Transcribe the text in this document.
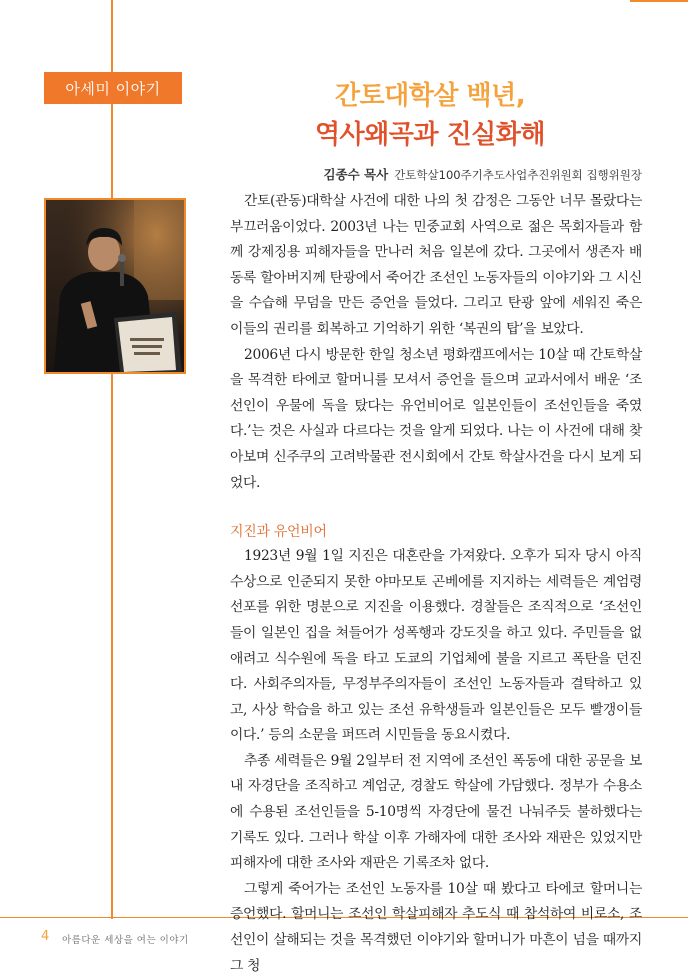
아세미 이야기	간토대학살 백년,
역사왜곡과 진실화해
김종수 목사 간토학살100주기추도사업추진위원회 집행위원장

간토(관동)대학살 사건에 대한 나의 첫 감정은 그동안 너무 몰랐다는 부끄러움이었다. 2003년 나는 민중교회 사역으로 젊은 목회자들과 함께 강제징용 피해자들을 만나러 처음 일본에 갔다. 그곳에서 생존자 배동록 할아버지께 탄광에서 죽어간 조선인 노동자들의 이야기와 그 시신을 수습해 무덤을 만든 증언을 들었다. 그리고 탄광 앞에 세워진 죽은 이들의 권리를 회복하고 기억하기 위한 ‘복권의 탑’을 보았다.

2006년 다시 방문한 한일 청소년 평화캠프에서는 10살 때 간토학살을 목격한 타에코 할머니를 모셔서 증언을 들으며 교과서에서 배운 ‘조선인이 우물에 독을 탔다는 유언비어로 일본인들이 조선인들을 죽였다.’는 것은 사실과 다르다는 것을 알게 되었다. 나는 이 사건에 대해 찾아보며 신주쿠의 고려박물관 전시회에서 간토 학살사건을 다시 보게 되었다.

지진과 유언비어

1923년 9월 1일 지진은 대혼란을 가져왔다. 오후가 되자 당시 아직 수상으로 인준되지 못한 야마모토 곤베에를 지지하는 세력들은 계엄령 선포를 위한 명분으로 지진을 이용했다. 경찰들은 조직적으로 ‘조선인들이 일본인 집을 쳐들어가 성폭행과 강도짓을 하고 있다. 주민들을 없애려고 식수원에 독을 타고 도쿄의 기업체에 불을 지르고 폭탄을 던진다. 사회주의자들, 무정부주의자들이 조선인 노동자들과 결탁하고 있고, 사상 학습을 하고 있는 조선 유학생들과 일본인들은 모두 빨갱이들이다.’ 등의 소문을 퍼뜨려 시민들을 동요시켰다.

추종 세력들은 9월 2일부터 전 지역에 조선인 폭동에 대한 공문을 보내 자경단을 조직하고 계엄군, 경찰도 학살에 가담했다. 정부가 수용소에 수용된 조선인들을 5-10명씩 자경단에 물건 나눠주듯 불하했다는 기록도 있다. 그러나 학살 이후 가해자에 대한 조사와 재판은 있었지만 피해자에 대한 조사와 재판은 기록조차 없다.

그렇게 죽어가는 조선인 노동자를 10살 때 봤다고 타에코 할머니는 증언했다. 할머니는 조선인 학살피해자 추도식 때 참석하여 비로소, 조선인이 살해되는 것을 목격했던 이야기와 할머니가 마흔이 넘을 때까지 그 청

4 아름다운 세상을 여는 이야기
